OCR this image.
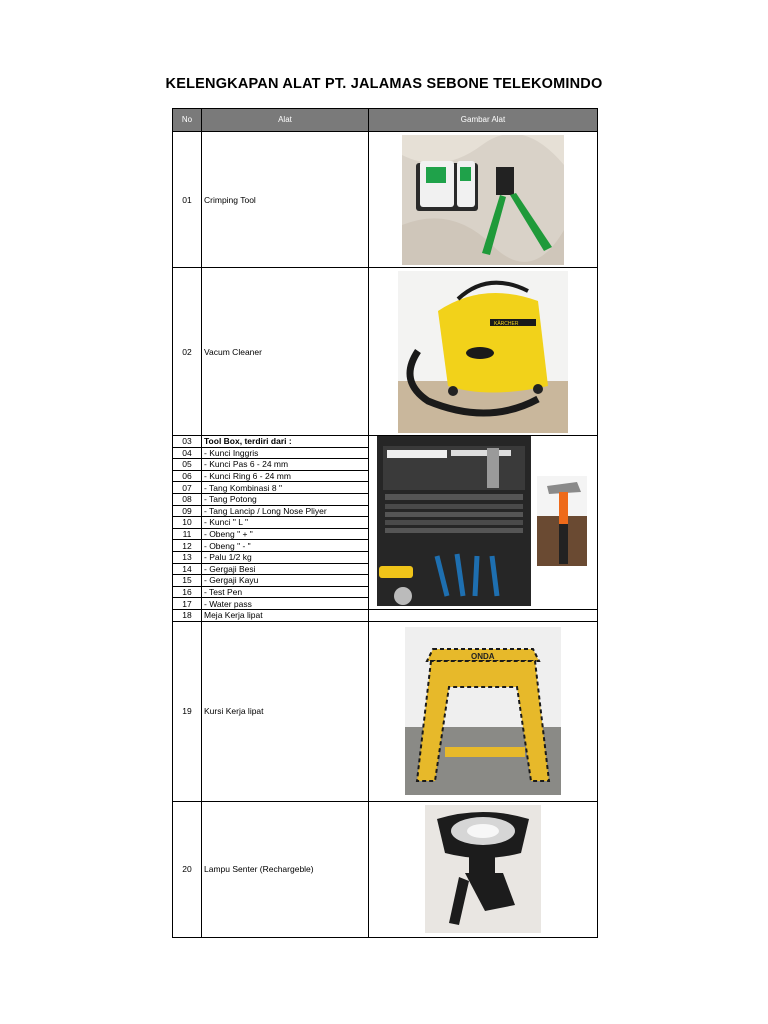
KELENGKAPAN ALAT PT. JALAMAS SEBONE TELEKOMINDO
No	Alat	Gambar Alat
01	Crimping Tool	

02	Vacum Cleaner	KÄRCHER

03	Tool Box, terdiri dari :	

04	- Kunci Inggris	
05	- Kunci Pas 6 - 24 mm	
06	- Kunci Ring 6 - 24 mm	
07	- Tang Kombinasi 8 "	
08	- Tang Potong	
09	- Tang Lancip / Long Nose Pliyer	
10	- Kunci " L "	
11	- Obeng " + "	
12	- Obeng " - "	
13	- Palu 1/2 kg	
14	- Gergaji Besi	
15	- Gergaji Kayu	
16	- Test Pen	
17	- Water pass	
18	Meja Kerja lipat	
19	Kursi Kerja lipat	ONDA

20	Lampu Senter (Rechargeble)	
